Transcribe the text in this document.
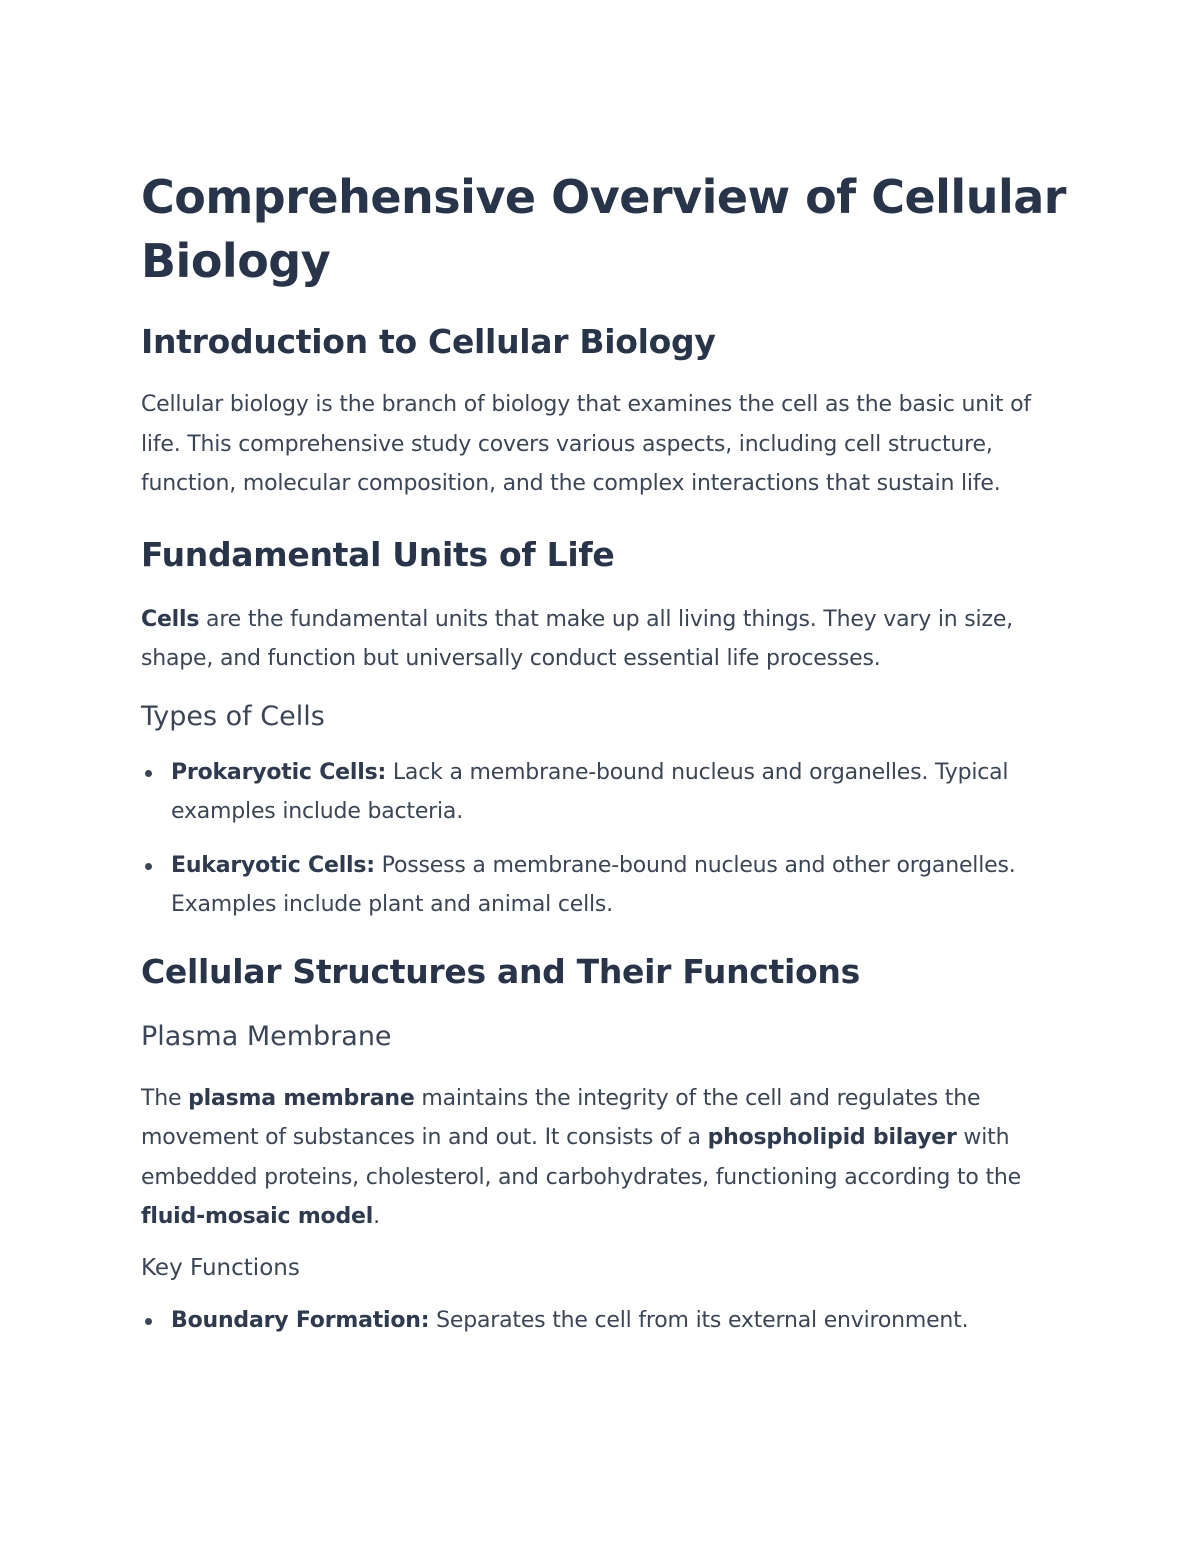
Comprehensive Overview of Cellular Biology
Introduction to Cellular Biology

Cellular biology is the branch of biology that examines the cell as the basic unit of life. This comprehensive study covers various aspects, including cell structure, function, molecular composition, and the complex interactions that sustain life.

Fundamental Units of Life

Cells are the fundamental units that make up all living things. They vary in size, shape, and function but universally conduct essential life processes.

Types of Cells
Prokaryotic Cells: Lack a membrane-bound nucleus and organelles. Typical examples include bacteria.
Eukaryotic Cells: Possess a membrane-bound nucleus and other organelles. Examples include plant and animal cells.
Cellular Structures and Their Functions
Plasma Membrane

The plasma membrane maintains the integrity of the cell and regulates the movement of substances in and out. It consists of a phospholipid bilayer with embedded proteins, cholesterol, and carbohydrates, functioning according to the fluid-mosaic model.

Key Functions
Boundary Formation: Separates the cell from its external environment.
